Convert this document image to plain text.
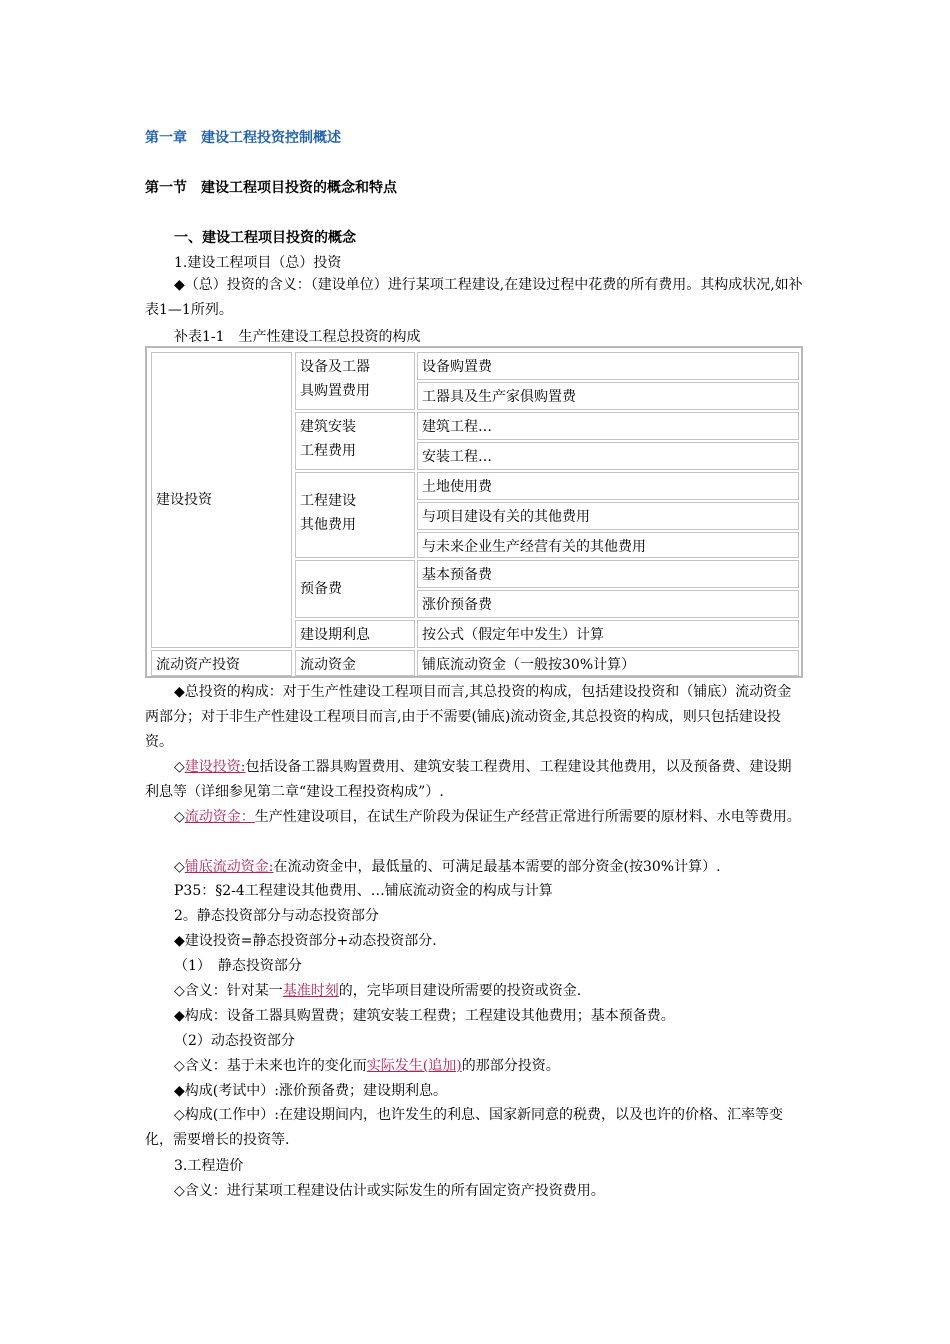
第一章　建设工程投资控制概述
第一节　建设工程项目投资的概念和特点
一、建设工程项目投资的概念
1.建设工程项目（总）投资
◆（总）投资的含义：（建设单位）进行某项工程建设,在建设过程中花费的所有费用。其构成状况,如补表1—1所列。
补表1-1　生产性建设工程总投资的构成
建设投资
流动资产投资
设备及工器
具购置费用
建筑安装
工程费用
工程建设
其他费用
预备费
建设期利息
流动资金
设备购置费
工器具及生产家俱购置费
建筑工程…
安装工程…
土地使用费
与项目建设有关的其他费用
与未来企业生产经营有关的其他费用
基本预备费
涨价预备费
按公式（假定年中发生）计算
铺底流动资金（一般按30%计算）
◆总投资的构成：对于生产性建设工程项目而言,其总投资的构成，包括建设投资和（铺底）流动资金两部分；对于非生产性建设工程项目而言,由于不需要(铺底)流动资金,其总投资的构成，则只包括建设投资。
◇建设投资:包括设备工器具购置费用、建筑安装工程费用、工程建设其他费用，以及预备费、建设期利息等（详细参见第二章“建设工程投资构成”）.
◇流动资金：生产性建设项目，在试生产阶段为保证生产经营正常进行所需要的原材料、水电等费用。
◇铺底流动资金:在流动资金中，最低量的、可满足最基本需要的部分资金(按30%计算）.
P35：§2-4工程建设其他费用、…铺底流动资金的构成与计算
2。静态投资部分与动态投资部分
◆建设投资=静态投资部分+动态投资部分.
（1）　静态投资部分
◇含义：针对某一基准时刻的，完毕项目建设所需要的投资或资金.
◆构成：设备工器具购置费；建筑安装工程费；工程建设其他费用；基本预备费。
（2）动态投资部分
◇含义：基于未来也许的变化而实际发生(追加)的那部分投资。
◆构成(考试中）:涨价预备费；建设期利息。
◇构成(工作中）:在建设期间内，也许发生的利息、国家新同意的税费，以及也许的价格、汇率等变化，需要增长的投资等.
3.工程造价
◇含义：进行某项工程建设估计或实际发生的所有固定资产投资费用。
